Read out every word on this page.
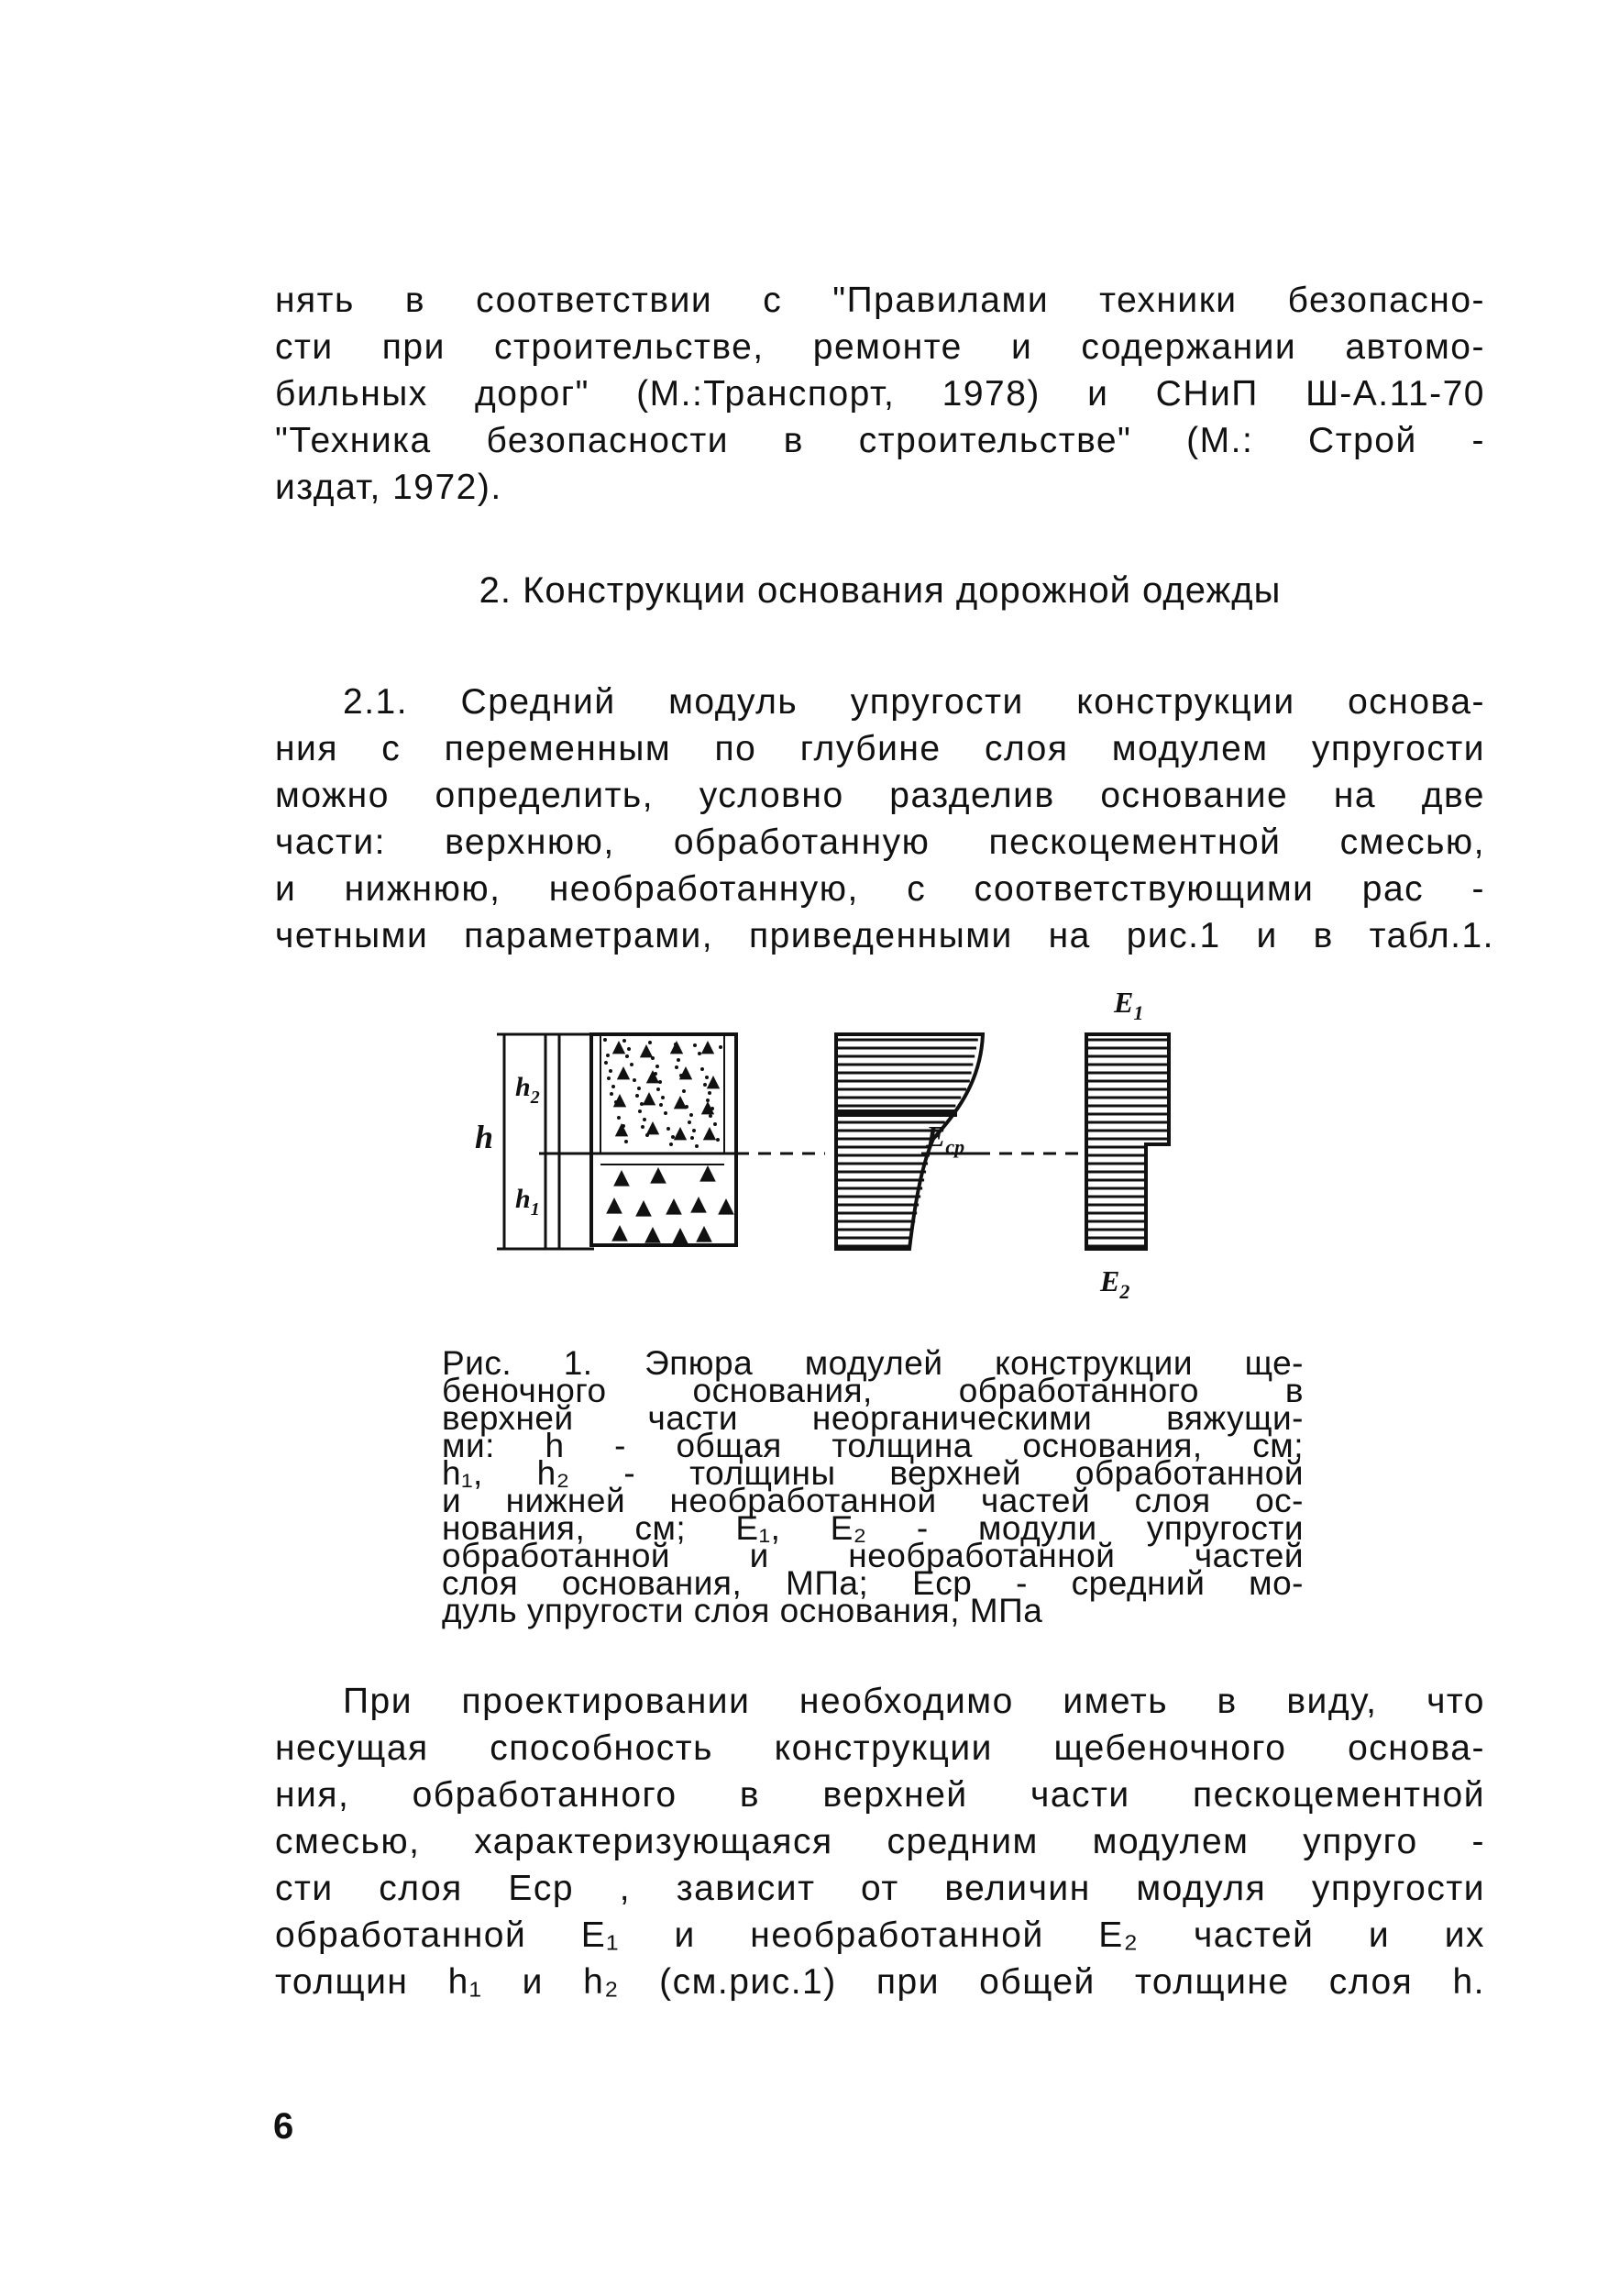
нять в соответствии с "Правилами техники безопасно-
сти при строительстве, ремонте и содержании автомо-
бильных дорог" (М.:Транспорт, 1978) и СНиП Ш-А.11-70
"Техника безопасности в строительстве" (М.: Строй -
издат, 1972).
2. Конструкции основания дорожной одежды
2.1. Средний модуль упругости конструкции основа-
ния с переменным по глубине слоя модулем упругости
можно определить, условно разделив основание на две
части: верхнюю, обработанную пескоцементной смесью,
и нижнюю, необработанную, с соответствующими рас -
четными параметрами, приведенными на рис.1 и в табл.1.
h
$h_2$
$h_1$
$E_{ср}$
$E_1$
$E_2$
Рис. 1. Эпюра модулей конструкции ще-
беночного основания, обработанного в
верхней части неорганическими вяжущи-
ми: h - общая толщина основания, см;
h₁, h₂ - толщины верхней обработанной
и нижней необработанной частей слоя ос-
нования, см; E₁, E₂ - модули упругости
обработанной и необработанной частей
слоя основания, МПа; Eср - средний мо-
дуль упругости слоя основания, МПа
При проектировании необходимо иметь в виду, что
несущая способность конструкции щебеночного основа-
ния, обработанного в верхней части пескоцементной
смесью, характеризующаяся средним модулем упруго -
сти слоя Eср , зависит от величин модуля упругости
обработанной E₁ и необработанной E₂ частей и их
толщин h₁ и h₂ (см.рис.1) при общей толщине слоя h.

6
